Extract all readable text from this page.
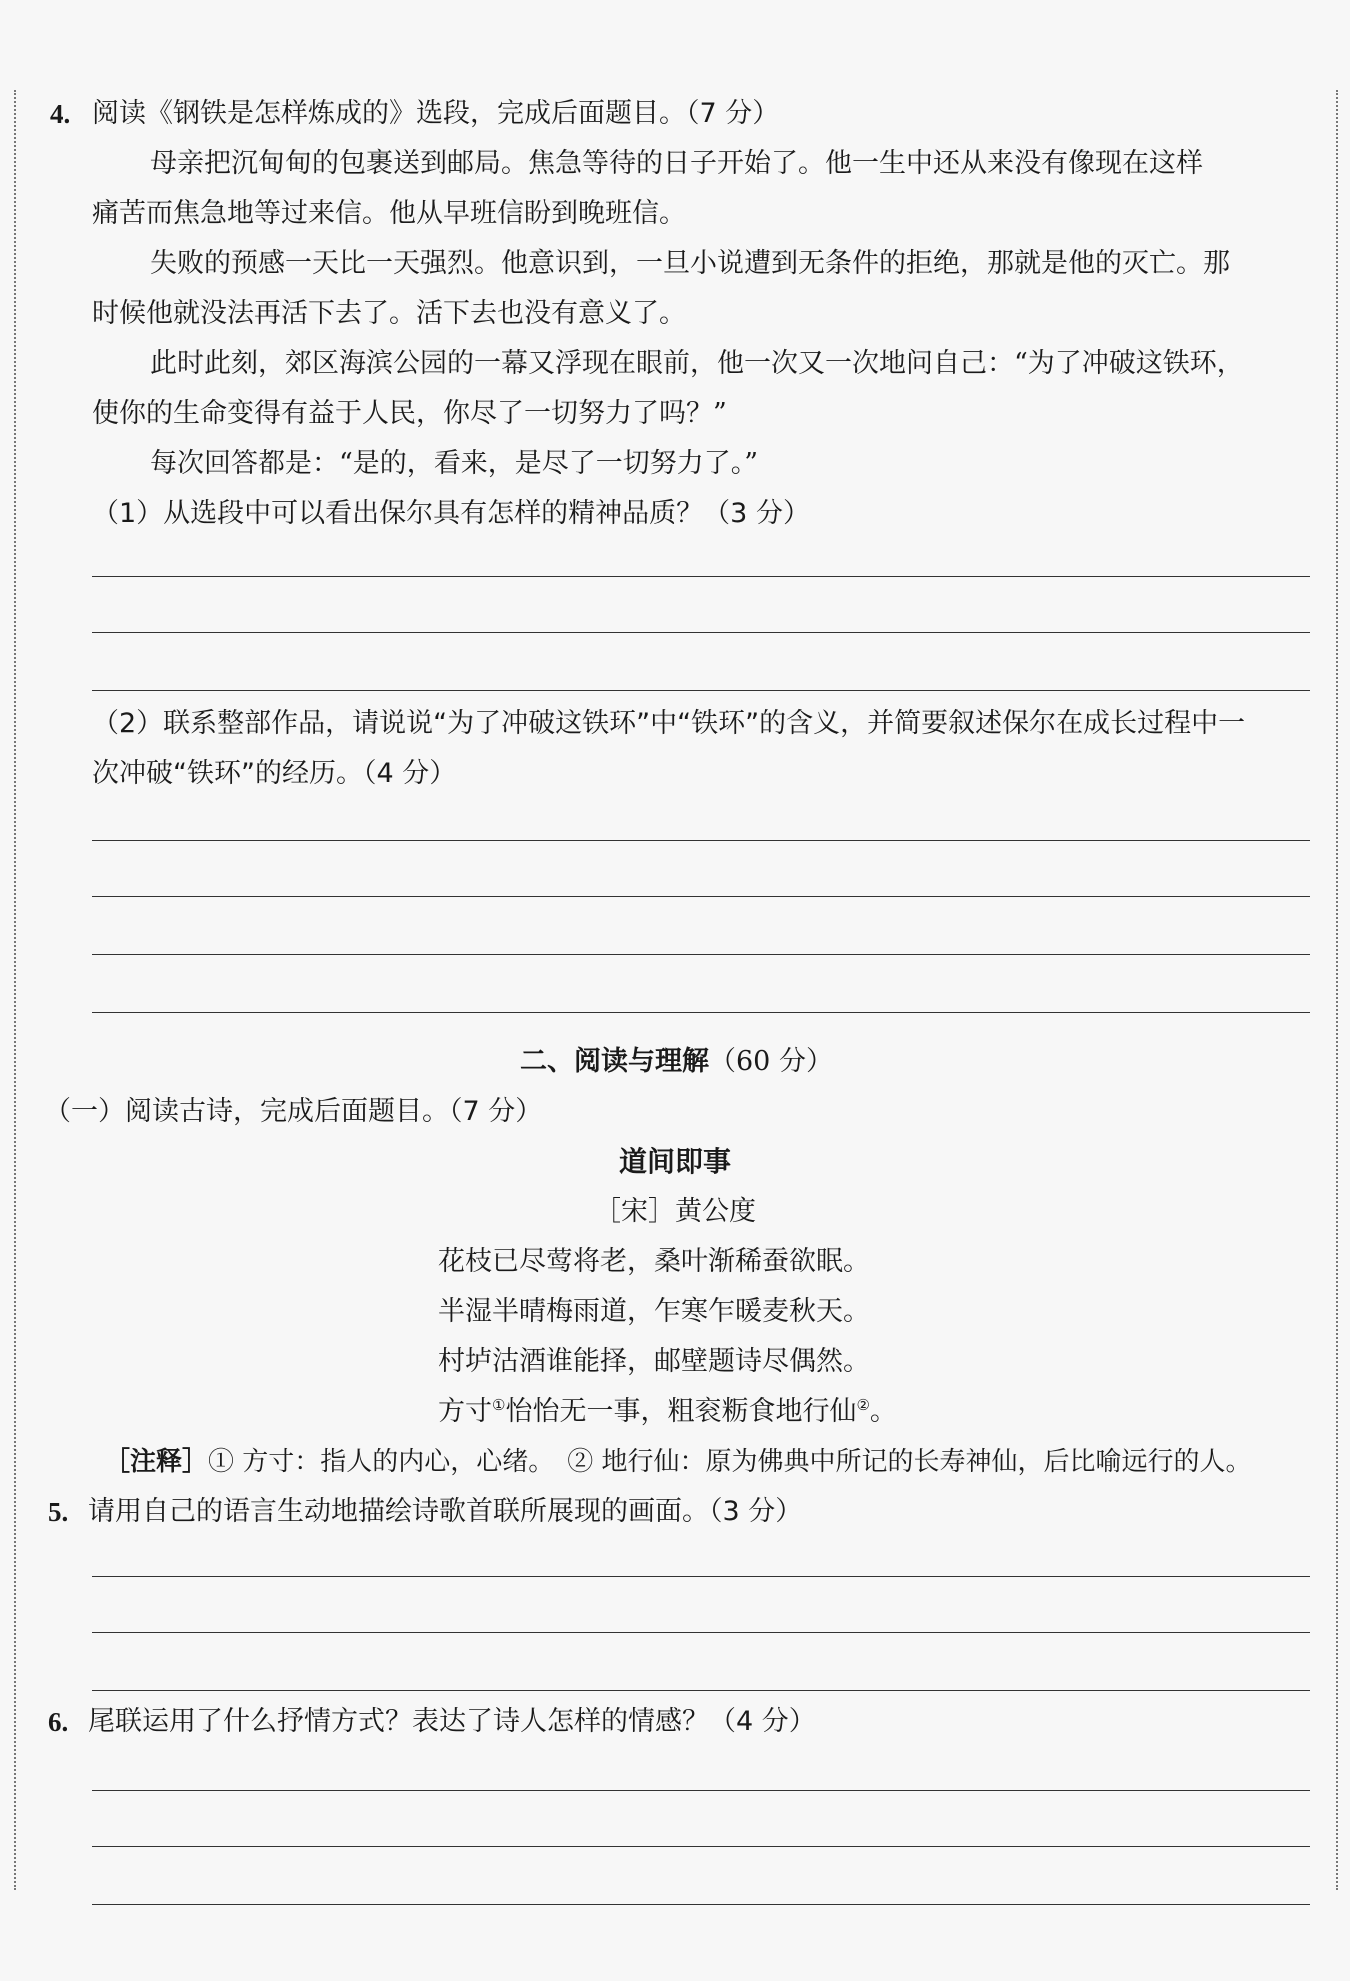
4. 阅读《钢铁是怎样炼成的》选段，完成后面题目。（7 分）
母亲把沉甸甸的包裹送到邮局。焦急等待的日子开始了。他一生中还从来没有像现在这样
痛苦而焦急地等过来信。他从早班信盼到晚班信。
失败的预感一天比一天强烈。他意识到，一旦小说遭到无条件的拒绝，那就是他的灭亡。那
时候他就没法再活下去了。活下去也没有意义了。
此时此刻，郊区海滨公园的一幕又浮现在眼前，他一次又一次地问自己：“为了冲破这铁环，
使你的生命变得有益于人民，你尽了一切努力了吗？”
每次回答都是：“是的，看来，是尽了一切努力了。”
（1）从选段中可以看出保尔具有怎样的精神品质？（3 分）
（2）联系整部作品，请说说“为了冲破这铁环”中“铁环”的含义，并简要叙述保尔在成长过程中一
次冲破“铁环”的经历。（4 分）
二、阅读与理解（60 分）
（一）阅读古诗，完成后面题目。（7 分）
道间即事
［宋］黄公度
花枝已尽莺将老，桑叶渐稀蚕欲眠。
半湿半晴梅雨道，乍寒乍暖麦秋天。
村垆沽酒谁能择，邮壁题诗尽偶然。
方寸①怡怡无一事，粗衮粝食地行仙②。
［注释］① 方寸：指人的内心，心绪。　② 地行仙：原为佛典中所记的长寿神仙，后比喻远行的人。
5. 请用自己的语言生动地描绘诗歌首联所展现的画面。（3 分）
6. 尾联运用了什么抒情方式？表达了诗人怎样的情感？（4 分）
